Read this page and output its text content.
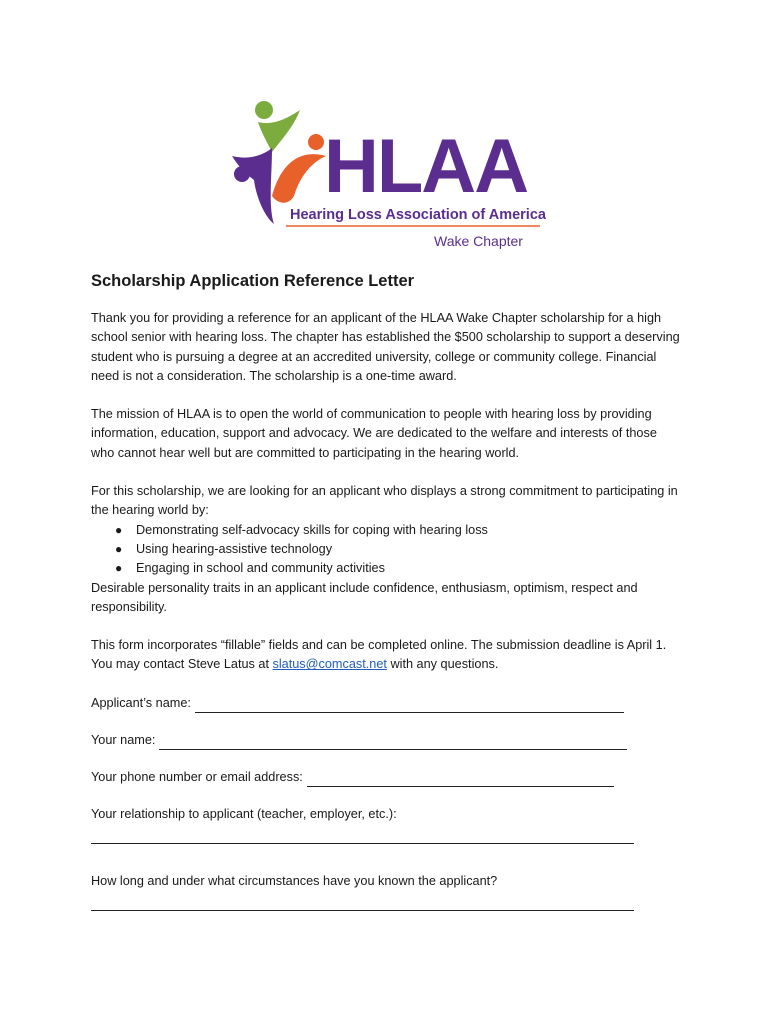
HLAA
Hearing Loss Association of America
Wake Chapter
Scholarship Application Reference Letter

Thank you for providing a reference for an applicant of the HLAA Wake Chapter scholarship for a high school senior with hearing loss. The chapter has established the $500 scholarship to support a deserving student who is pursuing a degree at an accredited university, college or community college. Financial need is not a consideration. The scholarship is a one-time award.

The mission of HLAA is to open the world of communication to people with hearing loss by providing information, education, support and advocacy. We are dedicated to the welfare and interests of those who cannot hear well but are committed to participating in the hearing world.

For this scholarship, we are looking for an applicant who displays a strong commitment to participating in the hearing world by:

● Demonstrating self-advocacy skills for coping with hearing loss
● Using hearing-assistive technology
● Engaging in school and community activities

Desirable personality traits in an applicant include confidence, enthusiasm, optimism, respect and responsibility.

This form incorporates “fillable” fields and can be completed online. The submission deadline is April 1. You may contact Steve Latus at slatus@comcast.net with any questions.

Applicant’s name:
Your name:
Your phone number or email address:
Your relationship to applicant (teacher, employer, etc.):
How long and under what circumstances have you known the applicant?
